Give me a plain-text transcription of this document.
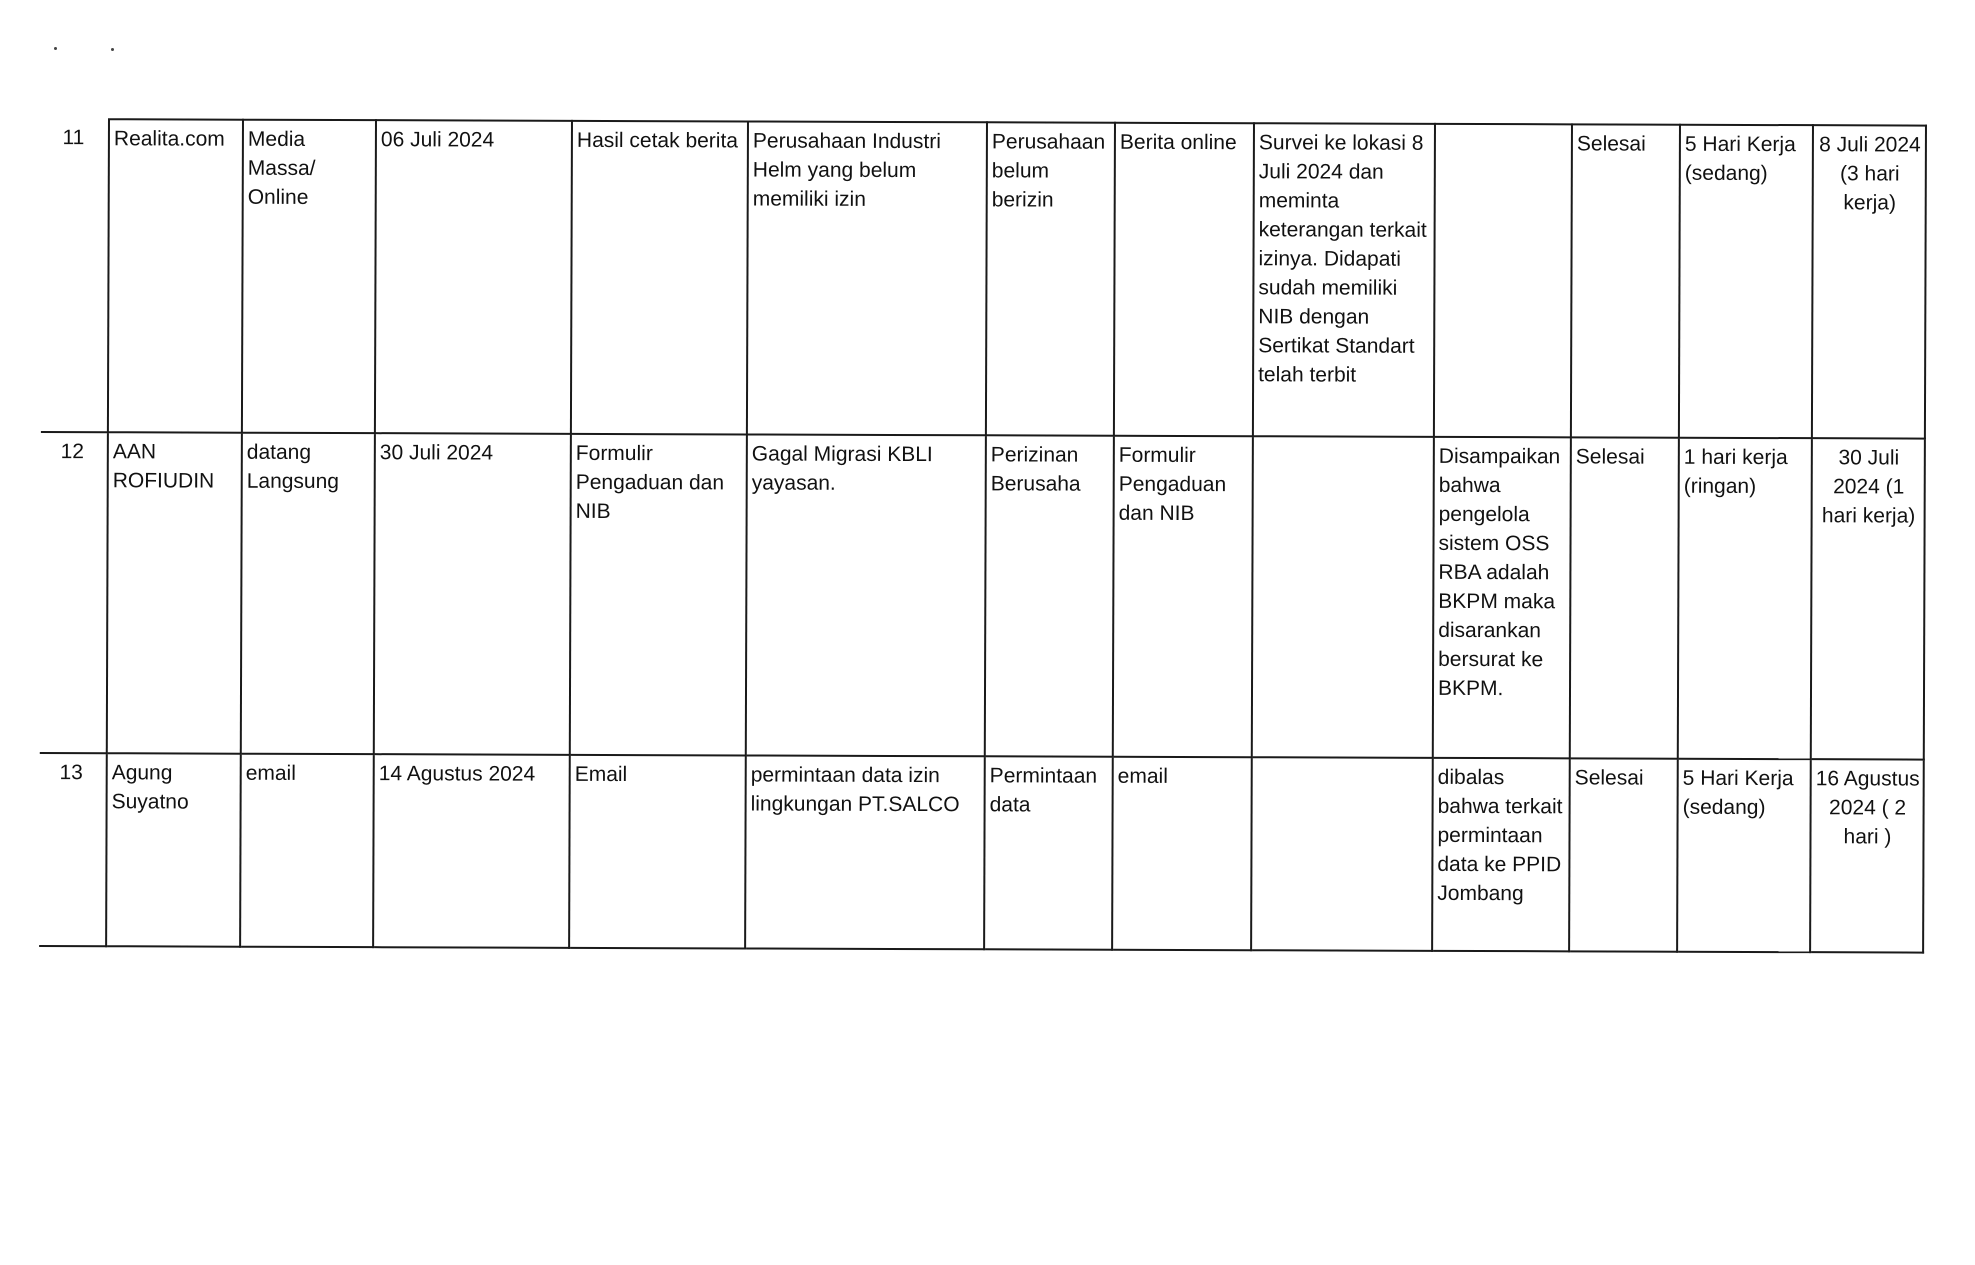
11	Realita.com	Media Massa/ Online	06 Juli 2024	Hasil cetak berita	Perusahaan Industri Helm yang belum memiliki izin	Perusahaan belum berizin	Berita online	Survei ke lokasi 8 Juli 2024 dan meminta keterangan terkait izinya. Didapati sudah memiliki NIB dengan Sertikat Standart telah terbit		Selesai	5 Hari Kerja (sedang)	8 Juli 2024 (3 hari kerja)
12	AAN ROFIUDIN	datang Langsung	30 Juli 2024	Formulir Pengaduan dan NIB	Gagal Migrasi KBLI yayasan.	Perizinan Berusaha	Formulir Pengaduan dan NIB		Disampaikan bahwa pengelola sistem OSS RBA adalah BKPM maka disarankan bersurat ke BKPM.	Selesai	1 hari kerja (ringan)	30 Juli 2024 (1 hari kerja)
13	Agung Suyatno	email	14 Agustus 2024	Email	permintaan data izin lingkungan PT.SALCO	Permintaan data	email		dibalas bahwa terkait permintaan data ke PPID Jombang	Selesai	5 Hari Kerja (sedang)	16 Agustus 2024 ( 2 hari )
